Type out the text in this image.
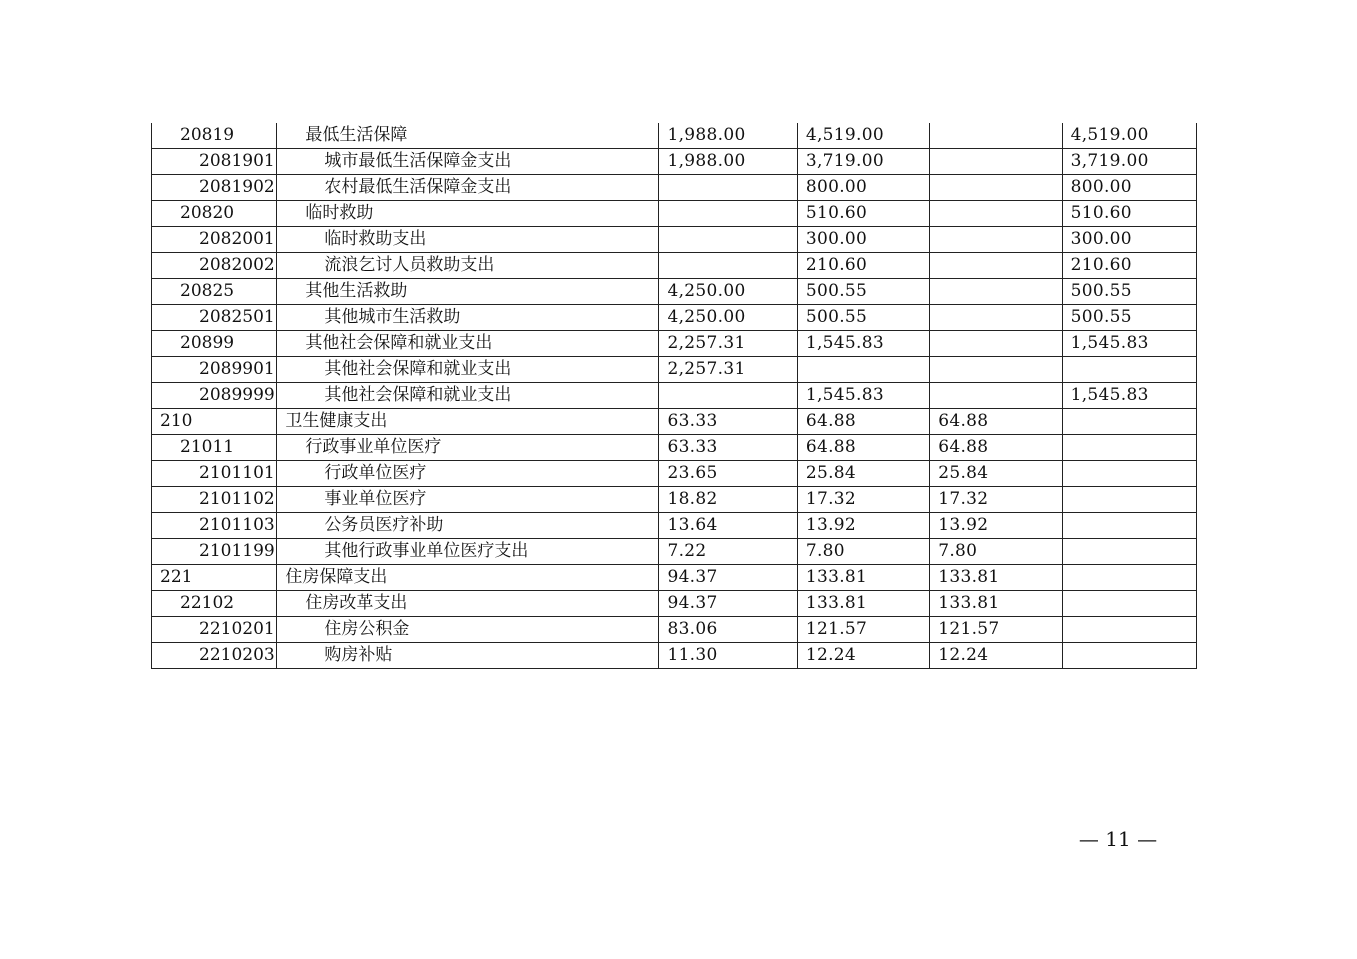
20819	最低生活保障	1,988.00	4,519.00		4,519.00
2081901	城市最低生活保障金支出	1,988.00	3,719.00		3,719.00
2081902	农村最低生活保障金支出		800.00		800.00
20820	临时救助		510.60		510.60
2082001	临时救助支出		300.00		300.00
2082002	流浪乞讨人员救助支出		210.60		210.60
20825	其他生活救助	4,250.00	500.55		500.55
2082501	其他城市生活救助	4,250.00	500.55		500.55
20899	其他社会保障和就业支出	2,257.31	1,545.83		1,545.83
2089901	其他社会保障和就业支出	2,257.31			
2089999	其他社会保障和就业支出		1,545.83		1,545.83
210	卫生健康支出	63.33	64.88	64.88	
21011	行政事业单位医疗	63.33	64.88	64.88	
2101101	行政单位医疗	23.65	25.84	25.84	
2101102	事业单位医疗	18.82	17.32	17.32	
2101103	公务员医疗补助	13.64	13.92	13.92	
2101199	其他行政事业单位医疗支出	7.22	7.80	7.80	
221	住房保障支出	94.37	133.81	133.81	
22102	住房改革支出	94.37	133.81	133.81	
2210201	住房公积金	83.06	121.57	121.57	
2210203	购房补贴	11.30	12.24	12.24	
— 11 —
